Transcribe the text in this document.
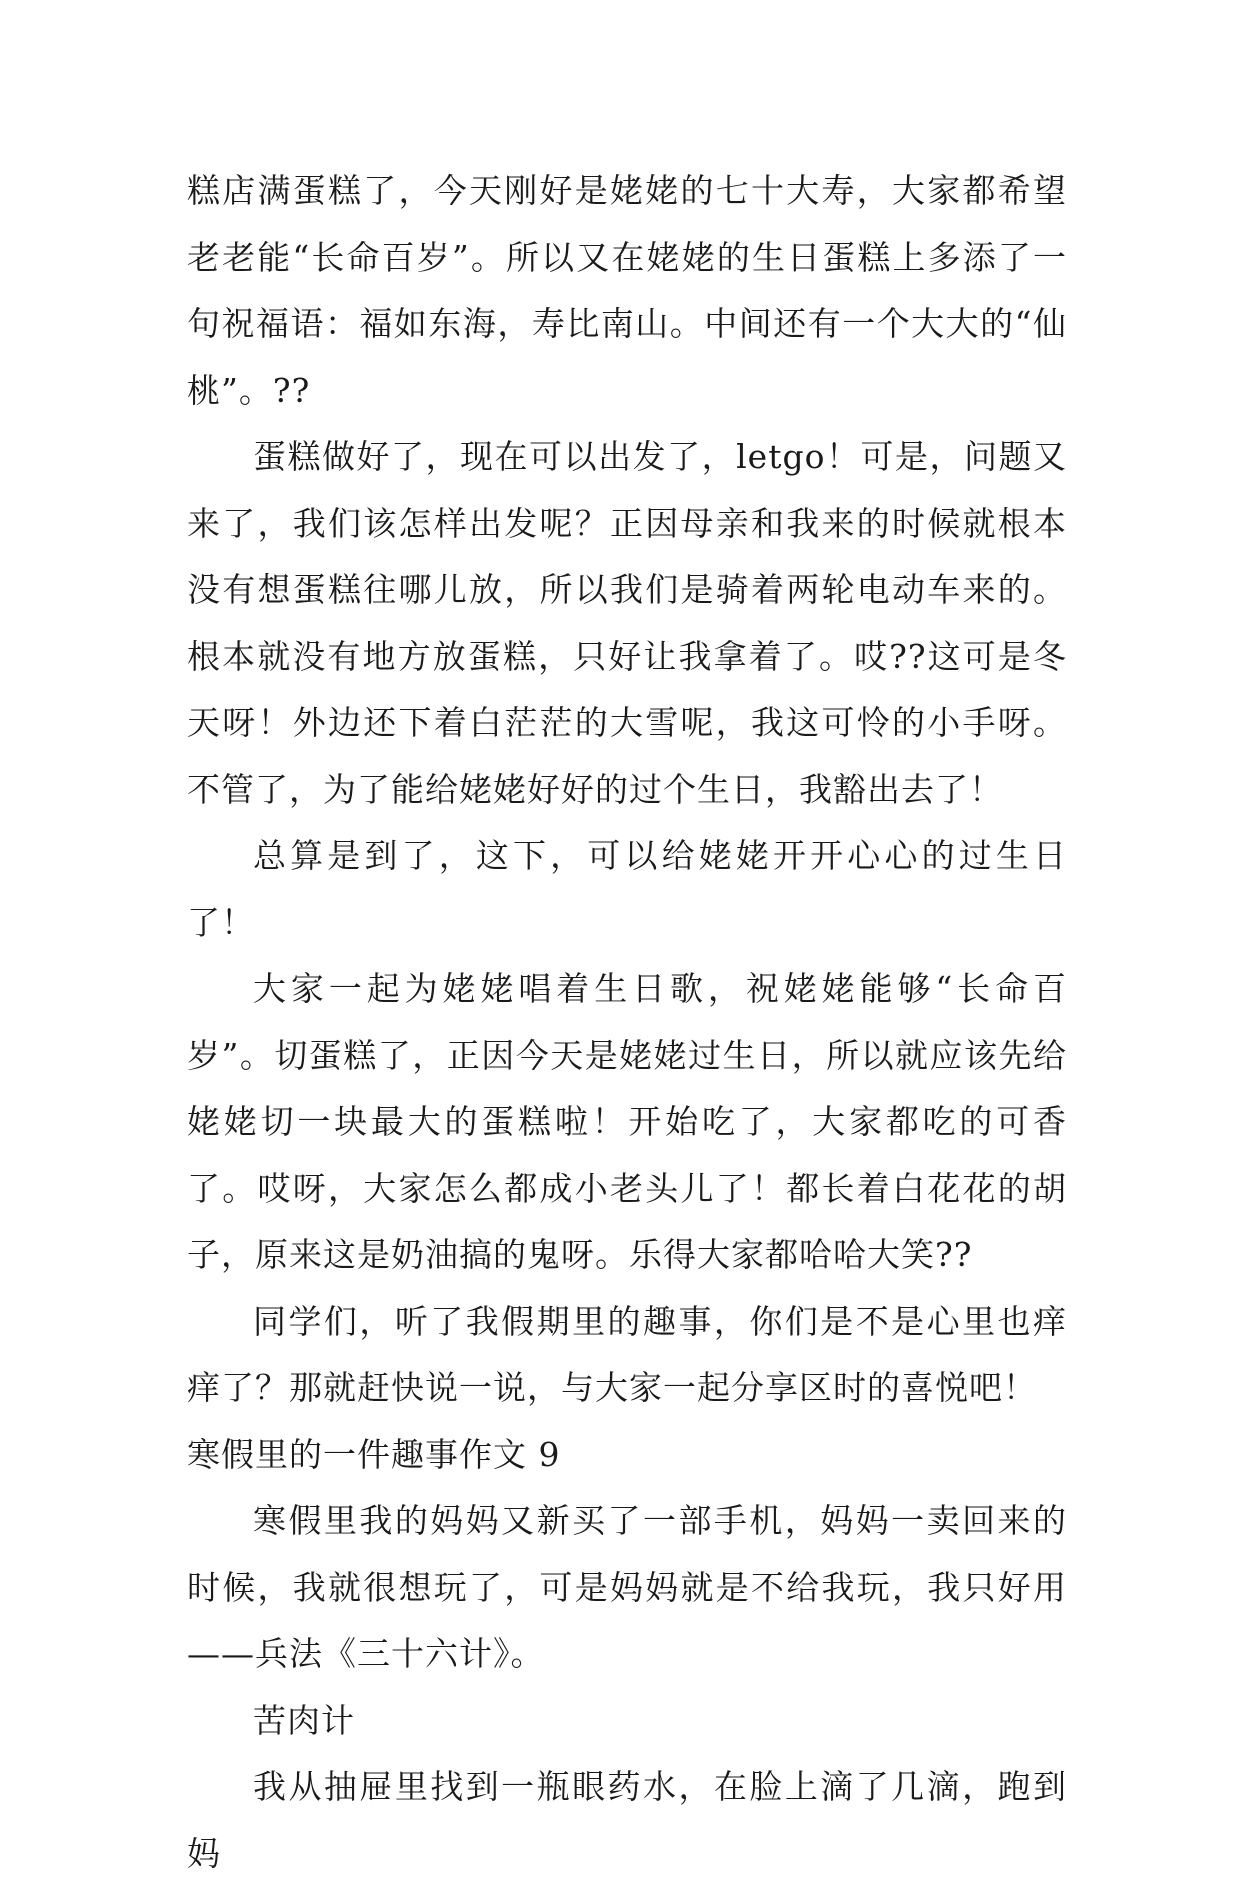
糕店满蛋糕了，今天刚好是姥姥的七十大寿，大家都希望老老能“长命百岁”。所以又在姥姥的生日蛋糕上多添了一句祝福语：福如东海，寿比南山。中间还有一个大大的“仙桃”。??

蛋糕做好了，现在可以出发了，letgo！可是，问题又来了，我们该怎样出发呢？正因母亲和我来的时候就根本没有想蛋糕往哪儿放，所以我们是骑着两轮电动车来的。根本就没有地方放蛋糕，只好让我拿着了。哎??这可是冬天呀！外边还下着白茫茫的大雪呢，我这可怜的小手呀。不管了，为了能给姥姥好好的过个生日，我豁出去了！

总算是到了，这下，可以给姥姥开开心心的过生日了！

大家一起为姥姥唱着生日歌，祝姥姥能够“长命百岁”。切蛋糕了，正因今天是姥姥过生日，所以就应该先给姥姥切一块最大的蛋糕啦！开始吃了，大家都吃的可香了。哎呀，大家怎么都成小老头儿了！都长着白花花的胡子，原来这是奶油搞的鬼呀。乐得大家都哈哈大笑??

同学们，听了我假期里的趣事，你们是不是心里也痒痒了？那就赶快说一说，与大家一起分享区时的喜悦吧！

寒假里的一件趣事作文 9

寒假里我的妈妈又新买了一部手机，妈妈一卖回来的时候，我就很想玩了，可是妈妈就是不给我玩，我只好用——兵法《三十六计》。

苦肉计

我从抽屉里找到一瓶眼药水，在脸上滴了几滴，跑到妈
